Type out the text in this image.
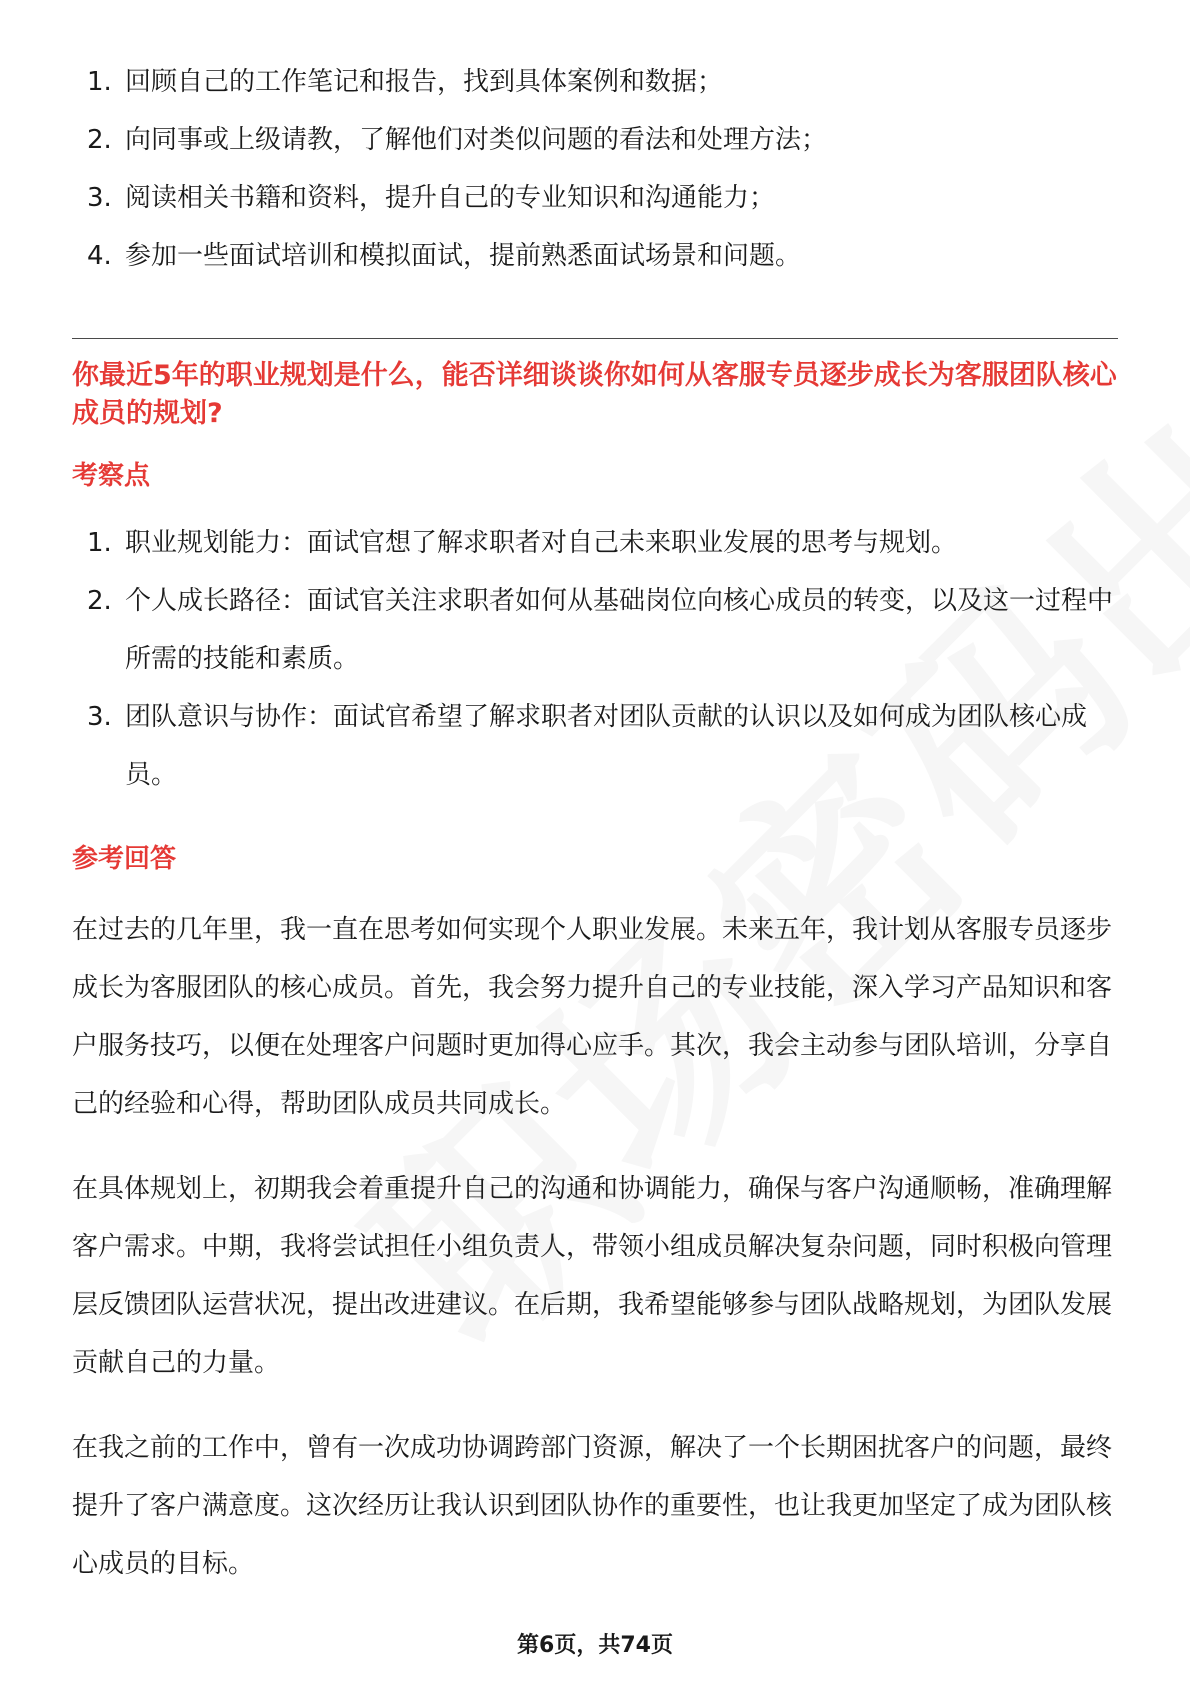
1. 回顾自己的工作笔记和报告，找到具体案例和数据；
2. 向同事或上级请教，了解他们对类似问题的看法和处理方法；
3. 阅读相关书籍和资料，提升自己的专业知识和沟通能力；
4. 参加一些面试培训和模拟面试，提前熟悉面试场景和问题。
你最近5年的职业规划是什么，能否详细谈谈你如何从客服专员逐步成长为客服团队核心成员的规划?
考察点
1. 职业规划能力：面试官想了解求职者对自己未来职业发展的思考与规划。
2. 个人成长路径：面试官关注求职者如何从基础岗位向核心成员的转变，以及这一过程中所需的技能和素质。
3. 团队意识与协作：面试官希望了解求职者对团队贡献的认识以及如何成为团队核心成员。
参考回答

在过去的几年里，我一直在思考如何实现个人职业发展。未来五年，我计划从客服专员逐步成长为客服团队的核心成员。首先，我会努力提升自己的专业技能，深入学习产品知识和客户服务技巧，以便在处理客户问题时更加得心应手。其次，我会主动参与团队培训，分享自己的经验和心得，帮助团队成员共同成长。

在具体规划上，初期我会着重提升自己的沟通和协调能力，确保与客户沟通顺畅，准确理解客户需求。中期，我将尝试担任小组负责人，带领小组成员解决复杂问题，同时积极向管理层反馈团队运营状况，提出改进建议。在后期，我希望能够参与团队战略规划，为团队发展贡献自己的力量。

在我之前的工作中，曾有一次成功协调跨部门资源，解决了一个长期困扰客户的问题，最终提升了客户满意度。这次经历让我认识到团队协作的重要性，也让我更加坚定了成为团队核心成员的目标。

第6页，共74页
